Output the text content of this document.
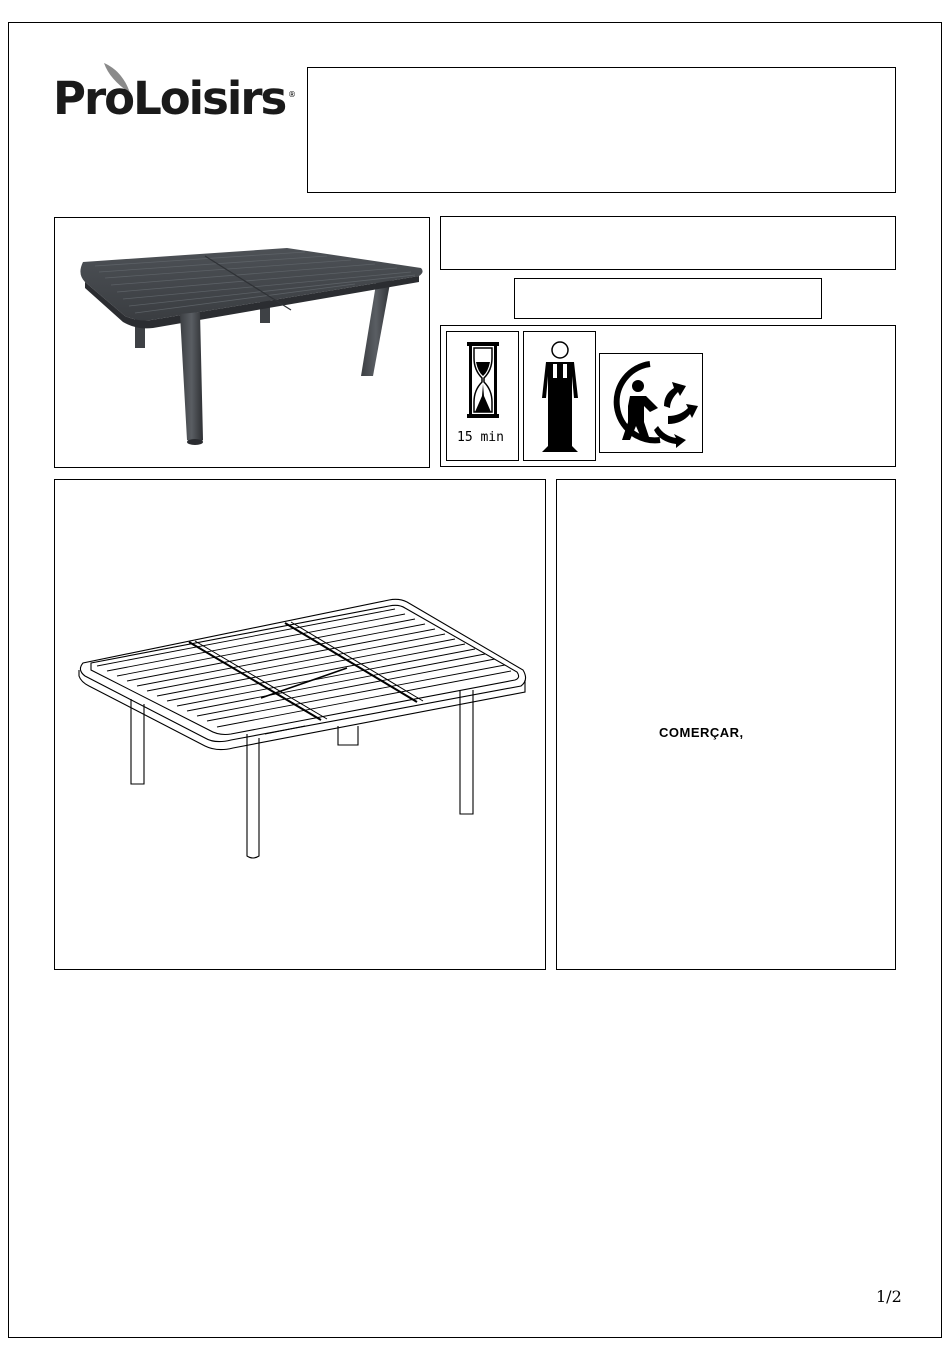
ProLoisirs ®
15 min
COMERÇAR,
1/2
